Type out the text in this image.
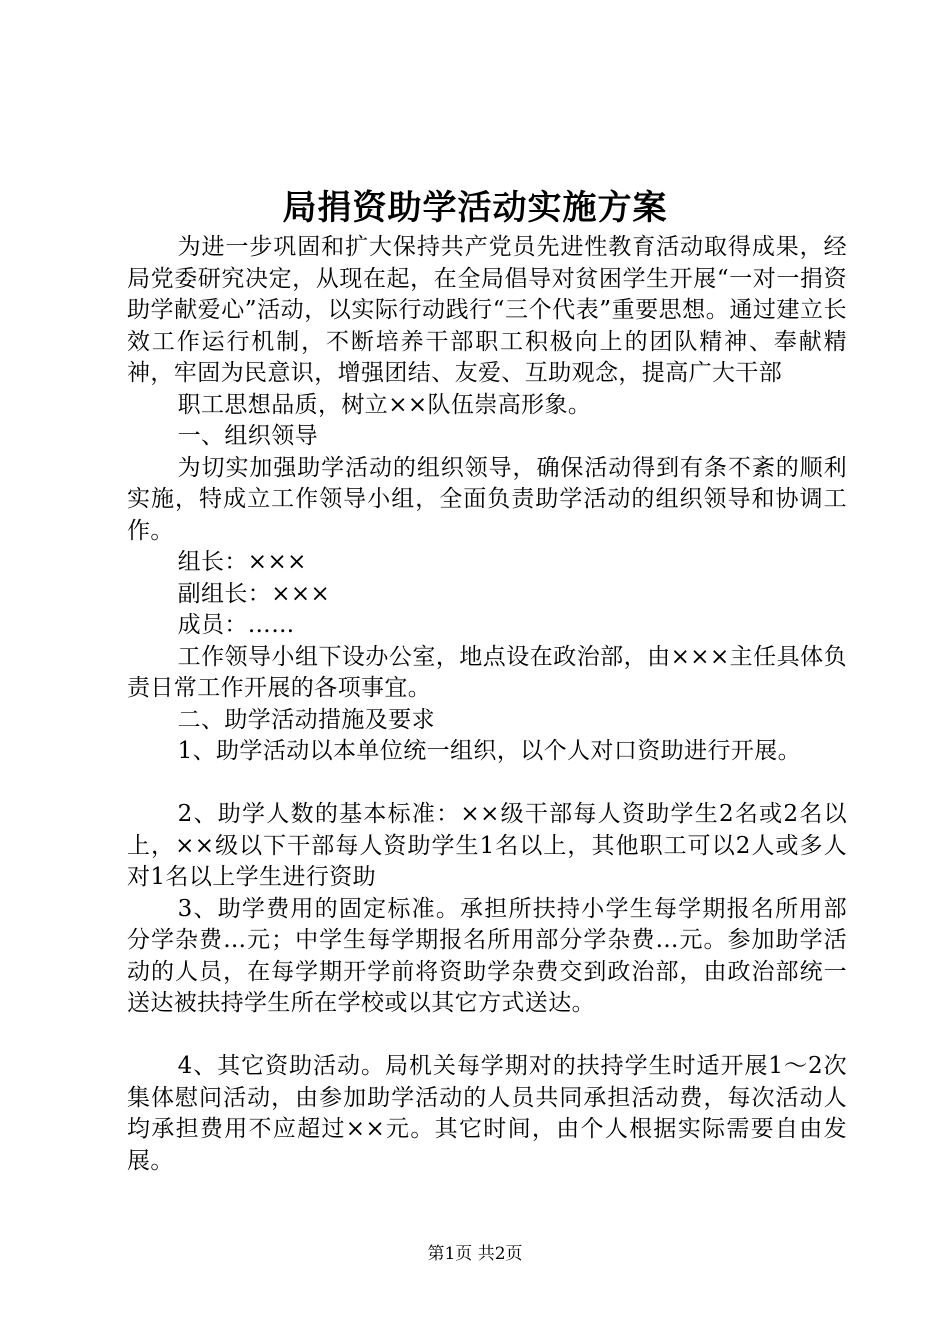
局捐资助学活动实施方案

为进一步巩固和扩大保持共产党员先进性教育活动取得成果，经局党委研究决定，从现在起，在全局倡导对贫困学生开展“一对一捐资助学献爱心”活动，以实际行动践行“三个代表”重要思想。通过建立长效工作运行机制，不断培养干部职工积极向上的团队精神、奉献精神，牢固为民意识，增强团结、友爱、互助观念，提高广大干部

职工思想品质，树立××队伍崇高形象。

一、组织领导

为切实加强助学活动的组织领导，确保活动得到有条不紊的顺利实施，特成立工作领导小组，全面负责助学活动的组织领导和协调工作。

组长：×××

副组长：×××

成员：……

工作领导小组下设办公室，地点设在政治部，由×××主任具体负责日常工作开展的各项事宜。

二、助学活动措施及要求

1、助学活动以本单位统一组织，以个人对口资助进行开展。

2、助学人数的基本标准：××级干部每人资助学生2名或2名以上，××级以下干部每人资助学生1名以上，其他职工可以2人或多人对1名以上学生进行资助

3、助学费用的固定标准。承担所扶持小学生每学期报名所用部分学杂费…元；中学生每学期报名所用部分学杂费…元。参加助学活动的人员，在每学期开学前将资助学杂费交到政治部，由政治部统一送达被扶持学生所在学校或以其它方式送达。

4、其它资助活动。局机关每学期对的扶持学生时适开展1～2次集体慰问活动，由参加助学活动的人员共同承担活动费，每次活动人均承担费用不应超过××元。其它时间，由个人根据实际需要自由发展。

第1页 共2页
